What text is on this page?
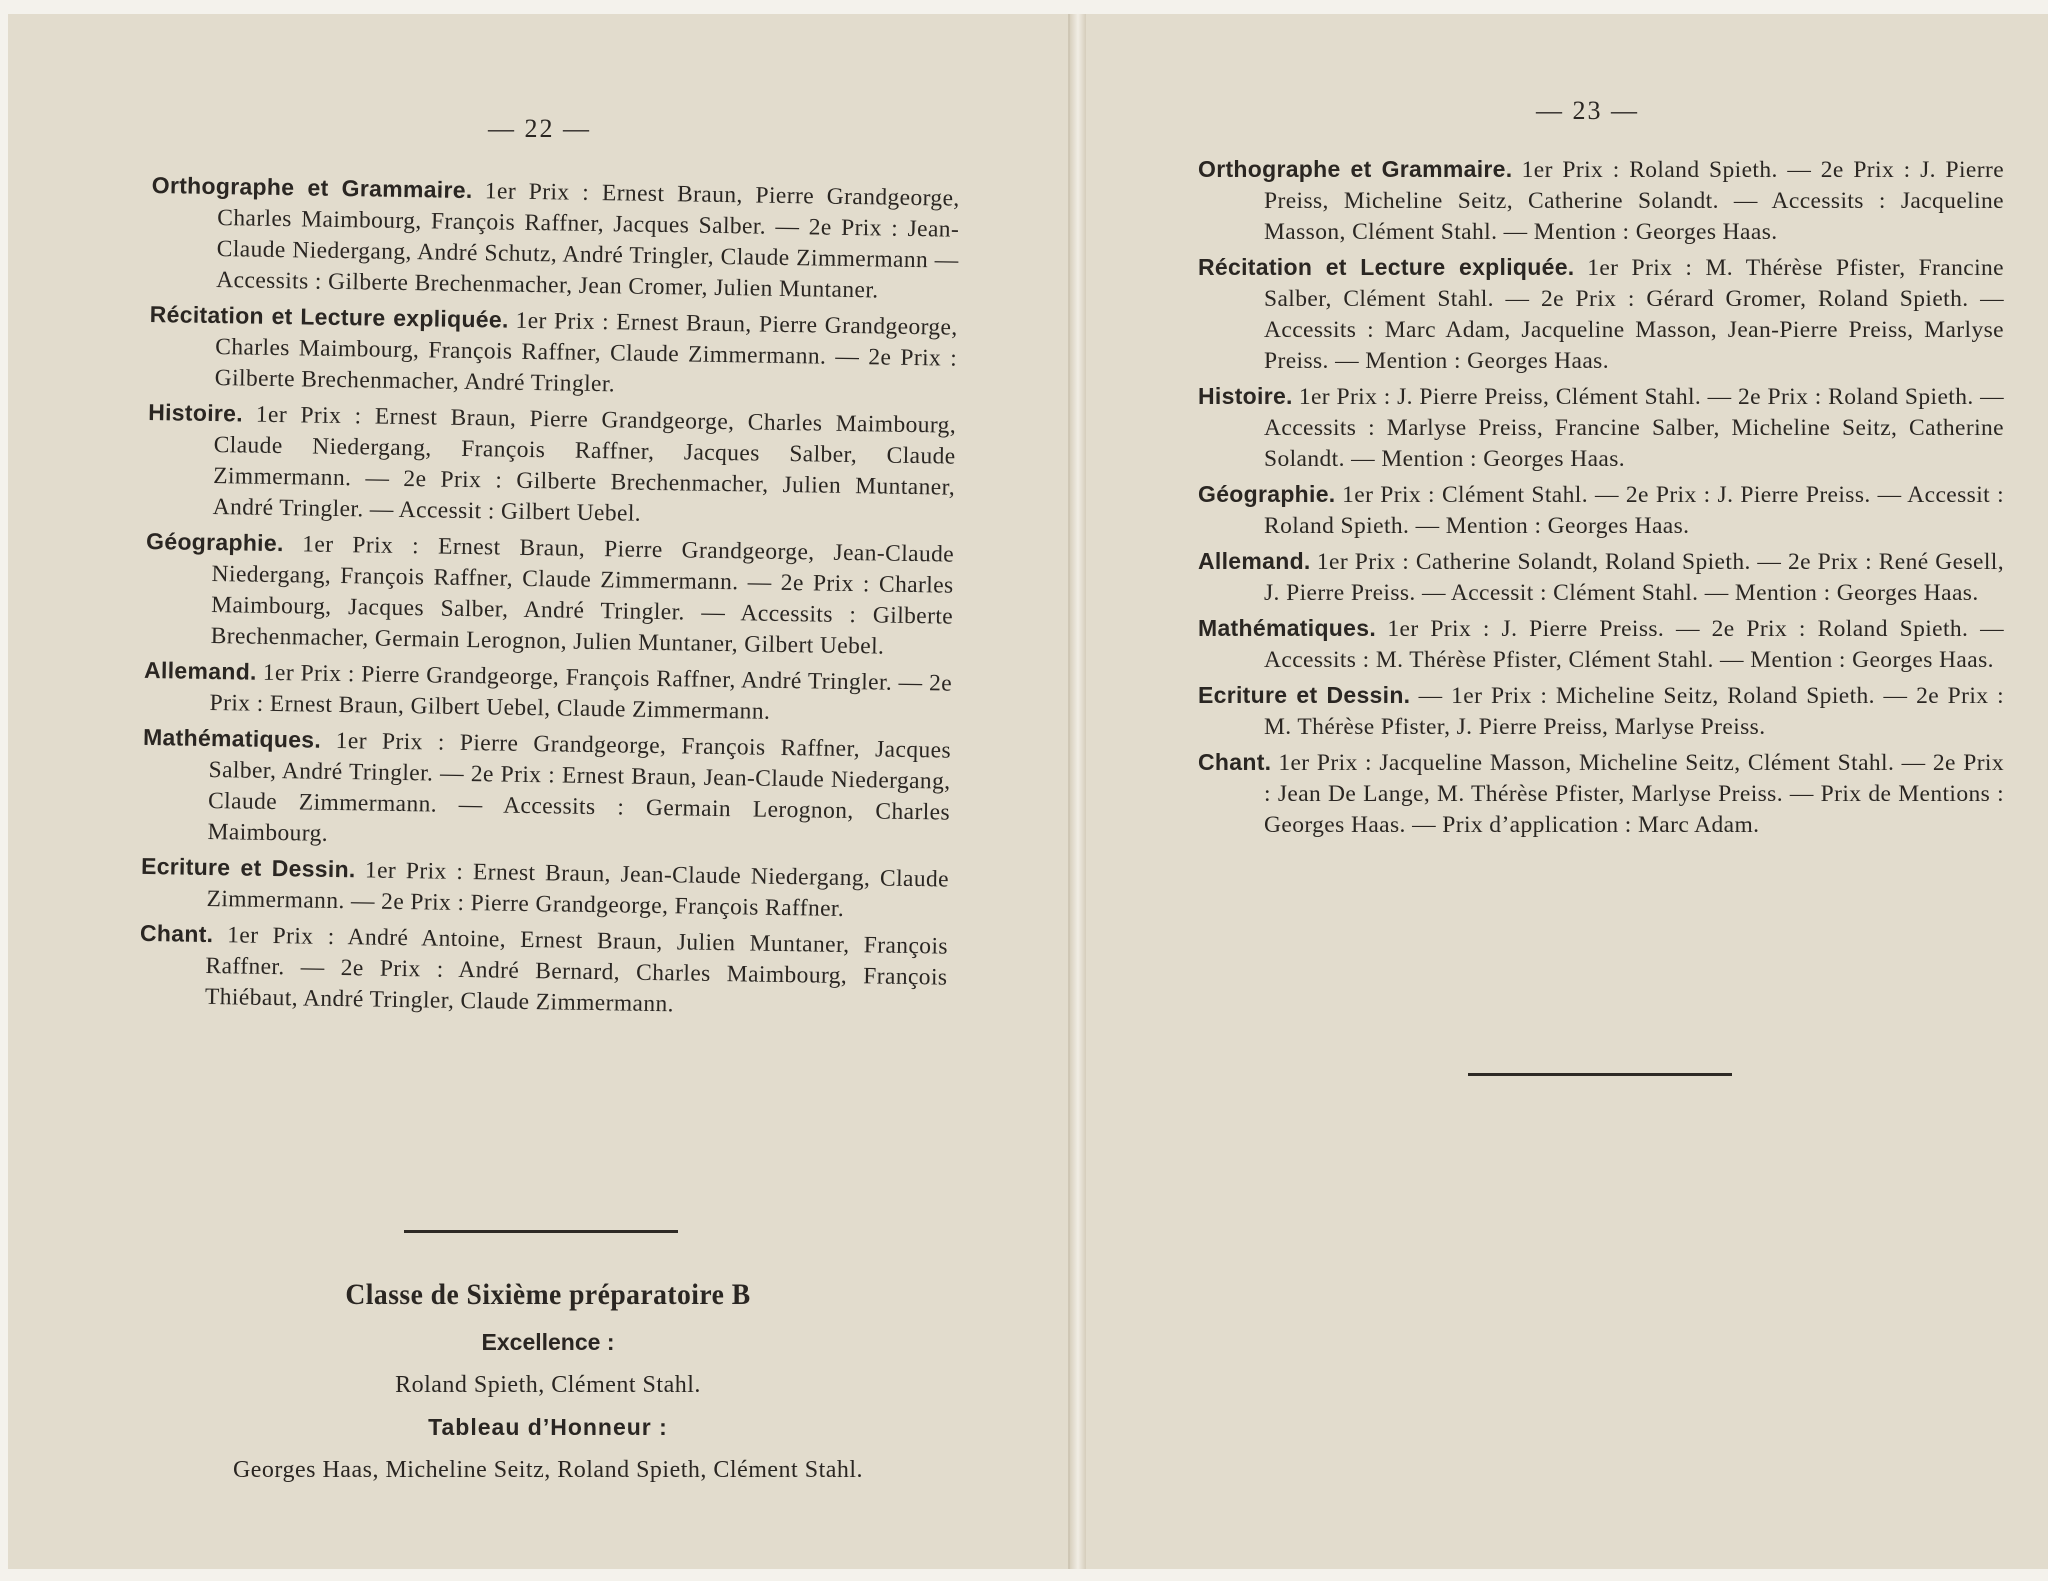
— 22 —

Orthographe et Grammaire. 1er Prix : Ernest Braun, Pierre Grandgeorge, Charles Maimbourg, François Raffner, Jacques Salber. — 2e Prix : Jean-Claude Niedergang, André Schutz, André Tringler, Claude Zimmermann — Accessits : Gilberte Brechenmacher, Jean Cromer, Julien Muntaner.

Récitation et Lecture expliquée. 1er Prix : Ernest Braun, Pierre Grandgeorge, Charles Maimbourg, François Raffner, Claude Zimmermann. — 2e Prix : Gilberte Brechenmacher, André Tringler.

Histoire. 1er Prix : Ernest Braun, Pierre Grandgeorge, Charles Maimbourg, Claude Niedergang, François Raffner, Jacques Salber, Claude Zimmermann. — 2e Prix : Gilberte Brechenmacher, Julien Muntaner, André Tringler. — Accessit : Gilbert Uebel.

Géographie. 1er Prix : Ernest Braun, Pierre Grandgeorge, Jean-Claude Niedergang, François Raffner, Claude Zimmermann. — 2e Prix : Charles Maimbourg, Jacques Salber, André Tringler. — Accessits : Gilberte Brechenmacher, Germain Lerognon, Julien Muntaner, Gilbert Uebel.

Allemand. 1er Prix : Pierre Grandgeorge, François Raffner, André Tringler. — 2e Prix : Ernest Braun, Gilbert Uebel, Claude Zimmermann.

Mathématiques. 1er Prix : Pierre Grandgeorge, François Raffner, Jacques Salber, André Tringler. — 2e Prix : Ernest Braun, Jean-Claude Niedergang, Claude Zimmermann. — Accessits : Germain Lerognon, Charles Maimbourg.

Ecriture et Dessin. 1er Prix : Ernest Braun, Jean-Claude Niedergang, Claude Zimmermann. — 2e Prix : Pierre Grandgeorge, François Raffner.

Chant. 1er Prix : André Antoine, Ernest Braun, Julien Muntaner, François Raffner. — 2e Prix : André Bernard, Charles Maimbourg, François Thiébaut, André Tringler, Claude Zimmermann.

Classe de Sixième préparatoire B
Excellence :
Roland Spieth, Clément Stahl.
Tableau d’Honneur :
Georges Haas, Micheline Seitz, Roland Spieth, Clément Stahl.
— 23 —

Orthographe et Grammaire. 1er Prix : Roland Spieth. — 2e Prix : J. Pierre Preiss, Micheline Seitz, Catherine Solandt. — Accessits : Jacqueline Masson, Clément Stahl. — Mention : Georges Haas.

Récitation et Lecture expliquée. 1er Prix : M. Thérèse Pfister, Francine Salber, Clément Stahl. — 2e Prix : Gérard Gromer, Roland Spieth. — Accessits : Marc Adam, Jacqueline Masson, Jean-Pierre Preiss, Marlyse Preiss. — Mention : Georges Haas.

Histoire. 1er Prix : J. Pierre Preiss, Clément Stahl. — 2e Prix : Roland Spieth. — Accessits : Marlyse Preiss, Francine Salber, Micheline Seitz, Catherine Solandt. — Mention : Georges Haas.

Géographie. 1er Prix : Clément Stahl. — 2e Prix : J. Pierre Preiss. — Accessit : Roland Spieth. — Mention : Georges Haas.

Allemand. 1er Prix : Catherine Solandt, Roland Spieth. — 2e Prix : René Gesell, J. Pierre Preiss. — Accessit : Clément Stahl. — Mention : Georges Haas.

Mathématiques. 1er Prix : J. Pierre Preiss. — 2e Prix : Roland Spieth. — Accessits : M. Thérèse Pfister, Clément Stahl. — Mention : Georges Haas.

Ecriture et Dessin. — 1er Prix : Micheline Seitz, Roland Spieth. — 2e Prix : M. Thérèse Pfister, J. Pierre Preiss, Marlyse Preiss.

Chant. 1er Prix : Jacqueline Masson, Micheline Seitz, Clément Stahl. — 2e Prix : Jean De Lange, M. Thérèse Pfister, Marlyse Preiss. — Prix de Mentions : Georges Haas. — Prix d’application : Marc Adam.
